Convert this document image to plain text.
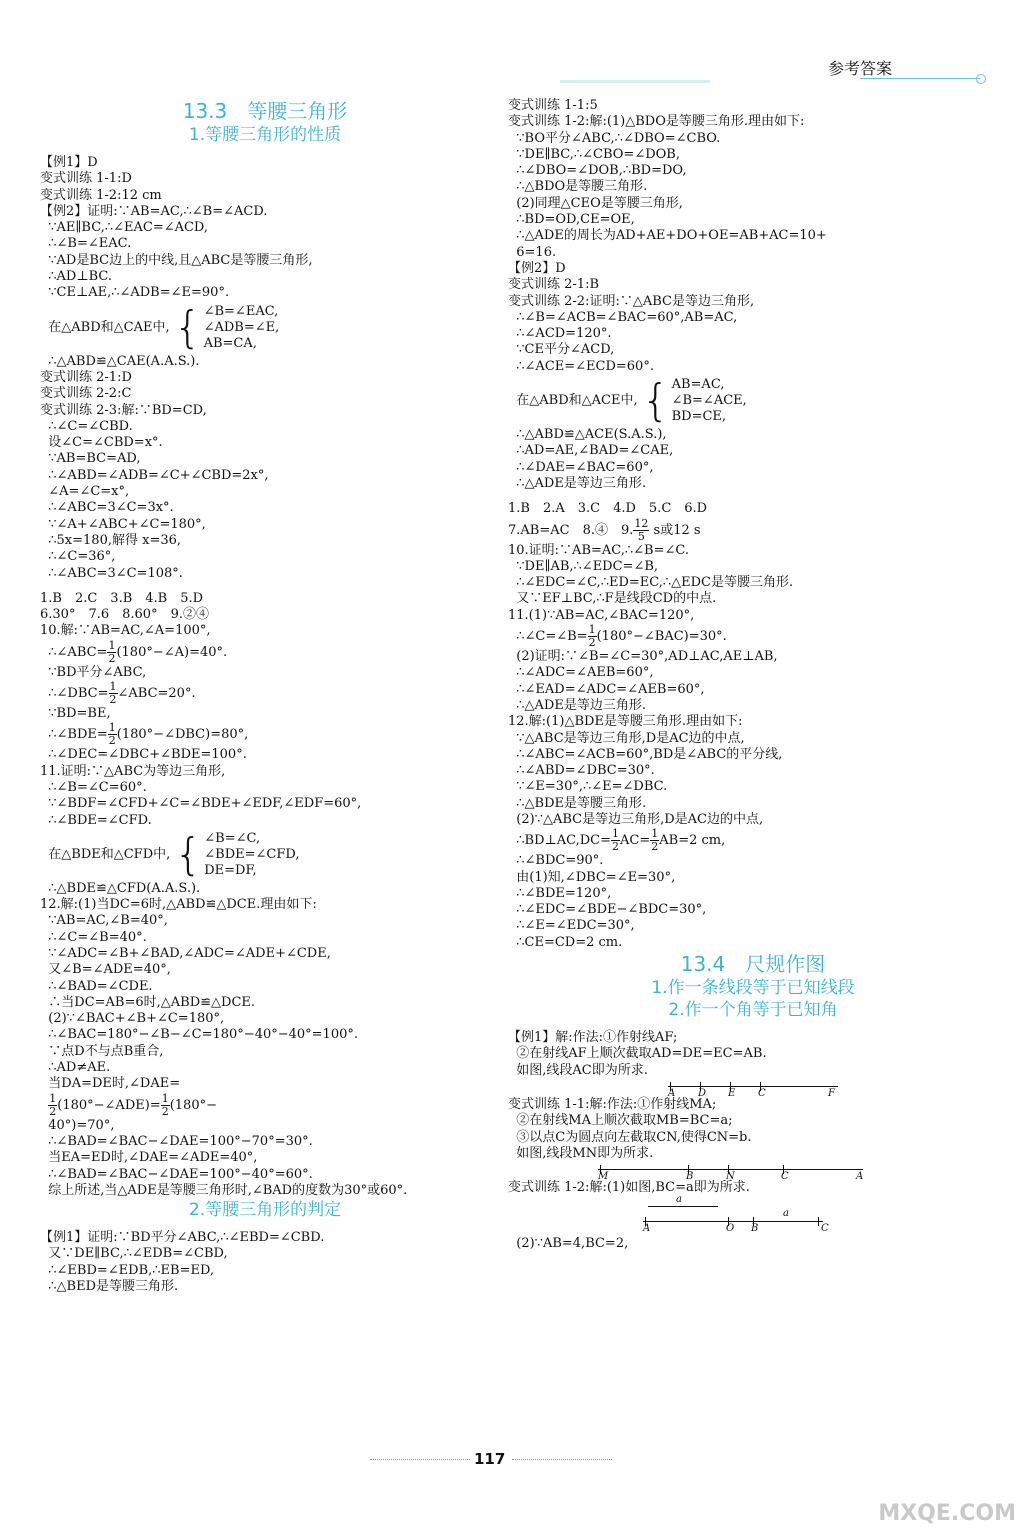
参考答案
13.3　等腰三角形
1.等腰三角形的性质
【例1】D
变式训练 1-1:D
变式训练 1-2:12 cm
【例2】证明:∵AB=AC,∴∠B=∠ACD.
∵AE∥BC,∴∠EAC=∠ACD,
∴∠B=∠EAC.
∵AD是BC边上的中线,且△ABC是等腰三角形,
∴AD⊥BC.
∵CE⊥AE,∴∠ADB=∠E=90°.
在△ABD和△CAE中, { ∠B=∠EAC,
∠ADB=∠E,
AB=CA,
∴△ABD≌△CAE(A.A.S.).
变式训练 2-1:D
变式训练 2-2:C
变式训练 2-3:解:∵BD=CD,
∴∠C=∠CBD.
设∠C=∠CBD=x°.
∵AB=BC=AD,
∴∠ABD=∠ADB=∠C+∠CBD=2x°,
∠A=∠C=x°,
∴∠ABC=3∠C=3x°.
∵∠A+∠ABC+∠C=180°,
∴5x=180,解得 x=36,
∴∠C=36°,
∴∠ABC=3∠C=108°.
1.B　2.C　3.B　4.B　5.D
6.30°　7.6　8.60°　9.②④
10.解:∵AB=AC,∠A=100°,
∴∠ABC= $\frac{1}{2}$ (180°−∠A)=40°.
∵BD平分∠ABC,
∴∠DBC= $\frac{1}{2}$ ∠ABC=20°.
∵BD=BE,
∴∠BDE= $\frac{1}{2}$ (180°−∠DBC)=80°,
∴∠DEC=∠DBC+∠BDE=100°.
11.证明:∵△ABC为等边三角形,
∴∠B=∠C=60°.
∵∠BDF=∠CFD+∠C=∠BDE+∠EDF,∠EDF=60°,
∴∠BDE=∠CFD.
在△BDE和△CFD中, { ∠B=∠C,
∠BDE=∠CFD,
DE=DF,
∴△BDE≌△CFD(A.A.S.).
12.解:(1)当DC=6时,△ABD≌△DCE.理由如下:
∵AB=AC,∠B=40°,
∴∠C=∠B=40°.
∵∠ADC=∠B+∠BAD,∠ADC=∠ADE+∠CDE,
又∠B=∠ADE=40°,
∴∠BAD=∠CDE.
∴当DC=AB=6时,△ABD≌△DCE.
(2)∵∠BAC+∠B+∠C=180°,
∴∠BAC=180°−∠B−∠C=180°−40°−40°=100°.
∵点D不与点B重合,
∴AD≠AE.
当DA=DE时,∠DAE=

$\frac{1}{2}$ (180°−∠ADE)= $\frac{1}{2} (180^\circ-$
40°)=70°,
∴∠BAD=∠BAC−∠DAE=100°−70°=30°.
当EA=ED时,∠DAE=∠ADE=40°,
∴∠BAD=∠BAC−∠DAE=100°−40°=60°.
综上所述,当△ADE是等腰三角形时,∠BAD的度数为30°或60°.
2.等腰三角形的判定
【例1】证明:∵BD平分∠ABC,∴∠EBD=∠CBD.
又∵DE∥BC,∴∠EDB=∠CBD,
∴∠EBD=∠EDB,∴EB=ED,
∴△BED是等腰三角形.
变式训练 1-1:5
变式训练 1-2:解:(1)△BDO是等腰三角形.理由如下:
∵BO平分∠ABC,∴∠DBO=∠CBO.
∵DE∥BC,∴∠CBO=∠DOB,
∴∠DBO=∠DOB,∴BD=DO,
∴△BDO是等腰三角形.
(2)同理△CEO是等腰三角形,
∴BD=OD,CE=OE,
∴△ADE的周长为AD+AE+DO+OE=AB+AC=10+
6=16.
【例2】D
变式训练 2-1:B
变式训练 2-2:证明:∵△ABC是等边三角形,
∴∠B=∠ACB=∠BAC=60°,AB=AC,
∴∠ACD=120°.
∵CE平分∠ACD,
∴∠ACE=∠ECD=60°.
在△ABD和△ACE中, { AB=AC,
∠B=∠ACE,
BD=CE,
∴△ABD≌△ACE(S.A.S.),
∴AD=AE,∠BAD=∠CAE,
∴∠DAE=∠BAC=60°,
∴△ADE是等边三角形.
1.B　2.A　3.C　4.D　5.C　6.D
7.AB=AC　8.④　9. $\frac{12}{5}$ s或12 s
10.证明:∵AB=AC,∴∠B=∠C.
∵DE∥AB,∴∠EDC=∠B,
∴∠EDC=∠C,∴ED=EC,∴△EDC是等腰三角形.
又∵EF⊥BC,∴F是线段CD的中点.
11.(1)∵AB=AC,∠BAC=120°,
∴∠C=∠B= $\frac{1}{2}$ (180°−∠BAC)=30°.
(2)证明:∵∠B=∠C=30°,AD⊥AC,AE⊥AB,
∴∠ADC=∠AEB=60°,
∴∠EAD=∠ADC=∠AEB=60°,
∴△ADE是等边三角形.
12.解:(1)△BDE是等腰三角形.理由如下:
∵△ABC是等边三角形,D是AC边的中点,
∴∠ABC=∠ACB=60°,BD是∠ABC的平分线,
∴∠ABD=∠DBC=30°.
∵∠E=30°,∴∠E=∠DBC.
∴△BDE是等腰三角形.
(2)∵△ABC是等边三角形,D是AC边的中点,
∴BD⊥AC,DC= $\frac{1}{2} AC= \frac{1}{2} AB=2$ cm,
∴∠BDC=90°.
由(1)知,∠DBC=∠E=30°,
∴∠BDE=120°,
∴∠EDC=∠BDE−∠BDC=30°,
∴∠E=∠EDC=30°,
∴CE=CD=2 cm.
13.4　尺规作图
1.作一条线段等于已知线段
2.作一个角等于已知角
【例1】解:作法:①作射线AF;
②在射线AF上顺次截取AD=DE=EC=AB.
如图,线段AC即为所求.
A D E C	F
变式训练 1-1:解:作法:①作射线MA;
②在射线MA上顺次截取MB=BC=a;
③以点C为圆点向左截取CN,使得CN=b.
如图,线段MN即为所求.
M	B	N	C	A
变式训练 1-2:解:(1)如图,BC=a即为所求.
a
a
A	O B	C
(2)∵AB=4,BC=2,
117
MXQE.COM
